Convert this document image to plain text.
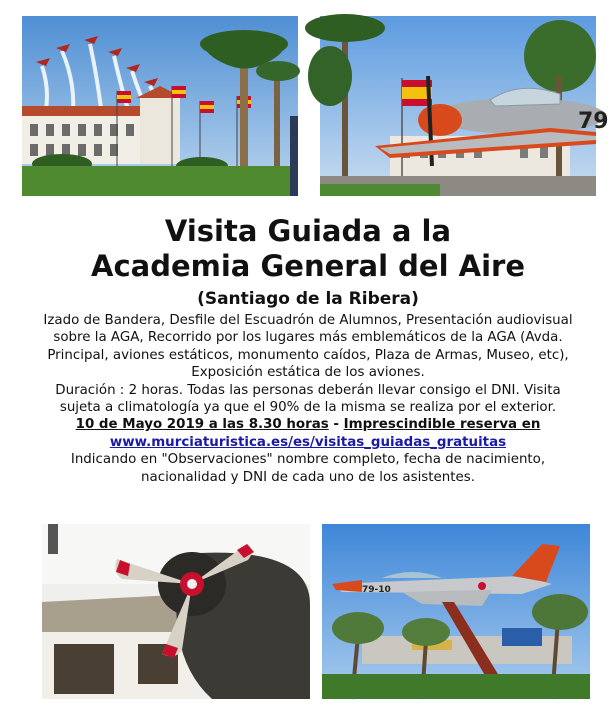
79
Visita Guiada a la
Academia General del Aire
(Santiago de la Ribera)
Izado de Bandera, Desfile del Escuadrón de Alumnos, Presentación audiovisual
sobre la AGA, Recorrido por los lugares más emblemáticos de la AGA (Avda.
Principal, aviones estáticos, monumento caídos, Plaza de Armas, Museo, etc),
Exposición estática de los aviones.
Duración : 2 horas. Todas las personas deberán llevar consigo el DNI. Visita
sujeta a climatología ya que el 90% de la misma se realiza por el exterior.
10 de Mayo 2019 a las 8.30 horas - Imprescindible reserva en
www.murciaturistica.es/es/visitas_guiadas_gratuitas
Indicando en "Observaciones" nombre completo, fecha de nacimiento,
nacionalidad y DNI de cada uno de los asistentes.
79-10
